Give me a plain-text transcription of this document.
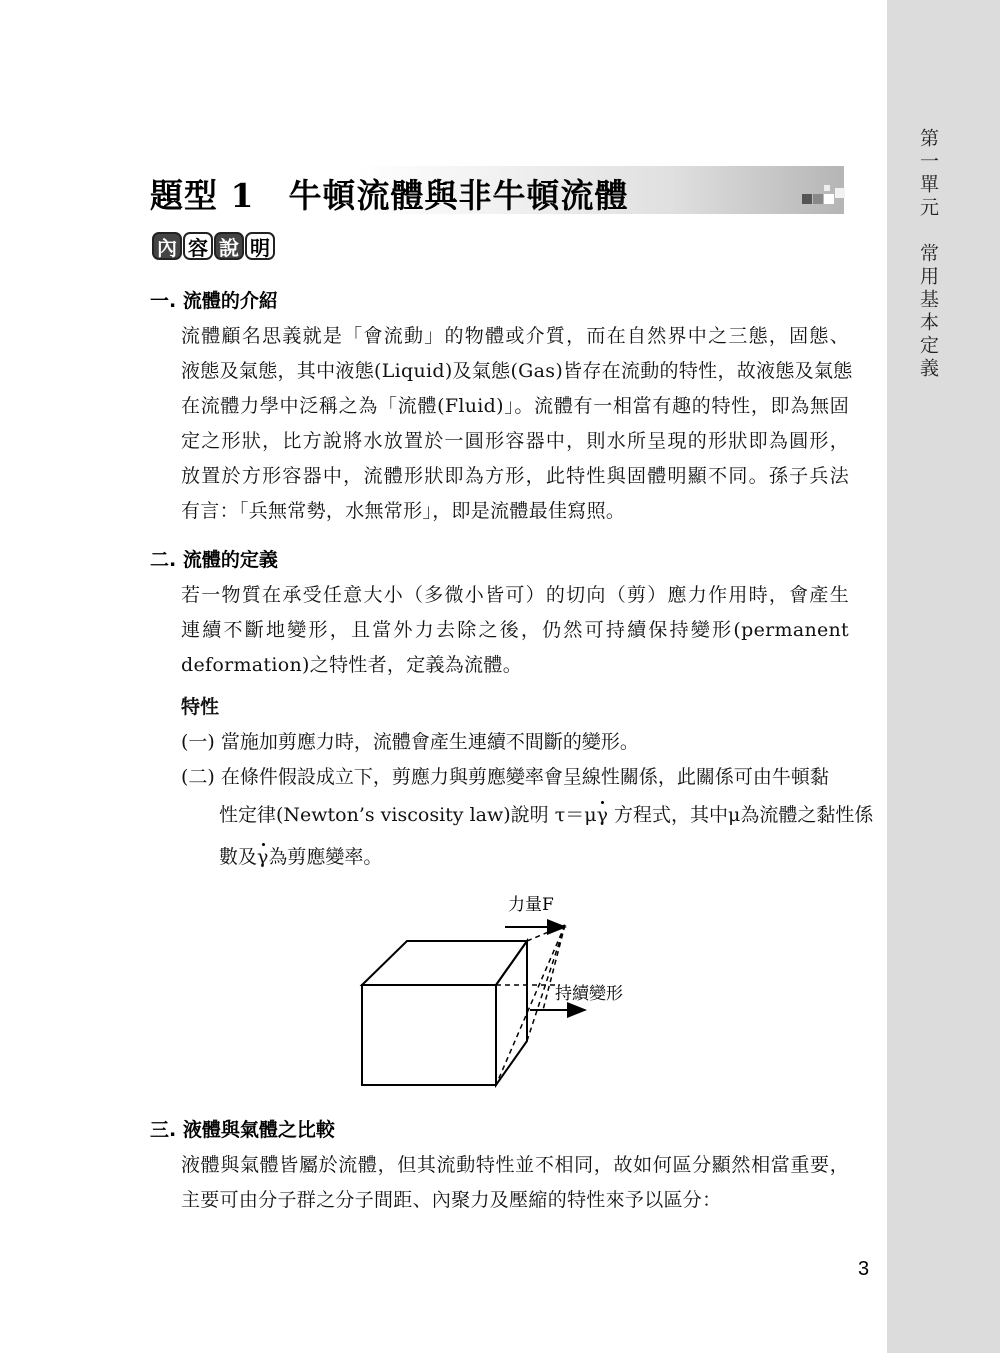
第一單元　常用基本定義
題型 1　牛頓流體與非牛頓流體
內 容 說 明
一. 流體的介紹
流體顧名思義就是「會流動」的物體或介質，而在自然界中之三態，固態、
液態及氣態，其中液態(Liquid)及氣態(Gas)皆存在流動的特性，故液態及氣態
在流體力學中泛稱之為「流體(Fluid)」。流體有一相當有趣的特性，即為無固
定之形狀，比方說將水放置於一圓形容器中，則水所呈現的形狀即為圓形，
放置於方形容器中，流體形狀即為方形，此特性與固體明顯不同。孫子兵法
有言：「兵無常勢，水無常形」，即是流體最佳寫照。
二. 流體的定義
若一物質在承受任意大小（多微小皆可）的切向（剪）應力作用時，會產生
連續不斷地變形，且當外力去除之後，仍然可持續保持變形(permanent
deformation)之特性者，定義為流體。
特性
(一) 當施加剪應力時，流體會產生連續不間斷的變形。
(二) 在條件假設成立下，剪應力與剪應變率會呈線性關係，此關係可由牛頓黏
性定律(Newton’s viscosity law)說明 τ＝μγ 方程式，其中μ為流體之黏性係
數及γ為剪應變率。
力量F
持續變形
三. 液體與氣體之比較
液體與氣體皆屬於流體，但其流動特性並不相同，故如何區分顯然相當重要，
主要可由分子群之分子間距、內聚力及壓縮的特性來予以區分：
3
